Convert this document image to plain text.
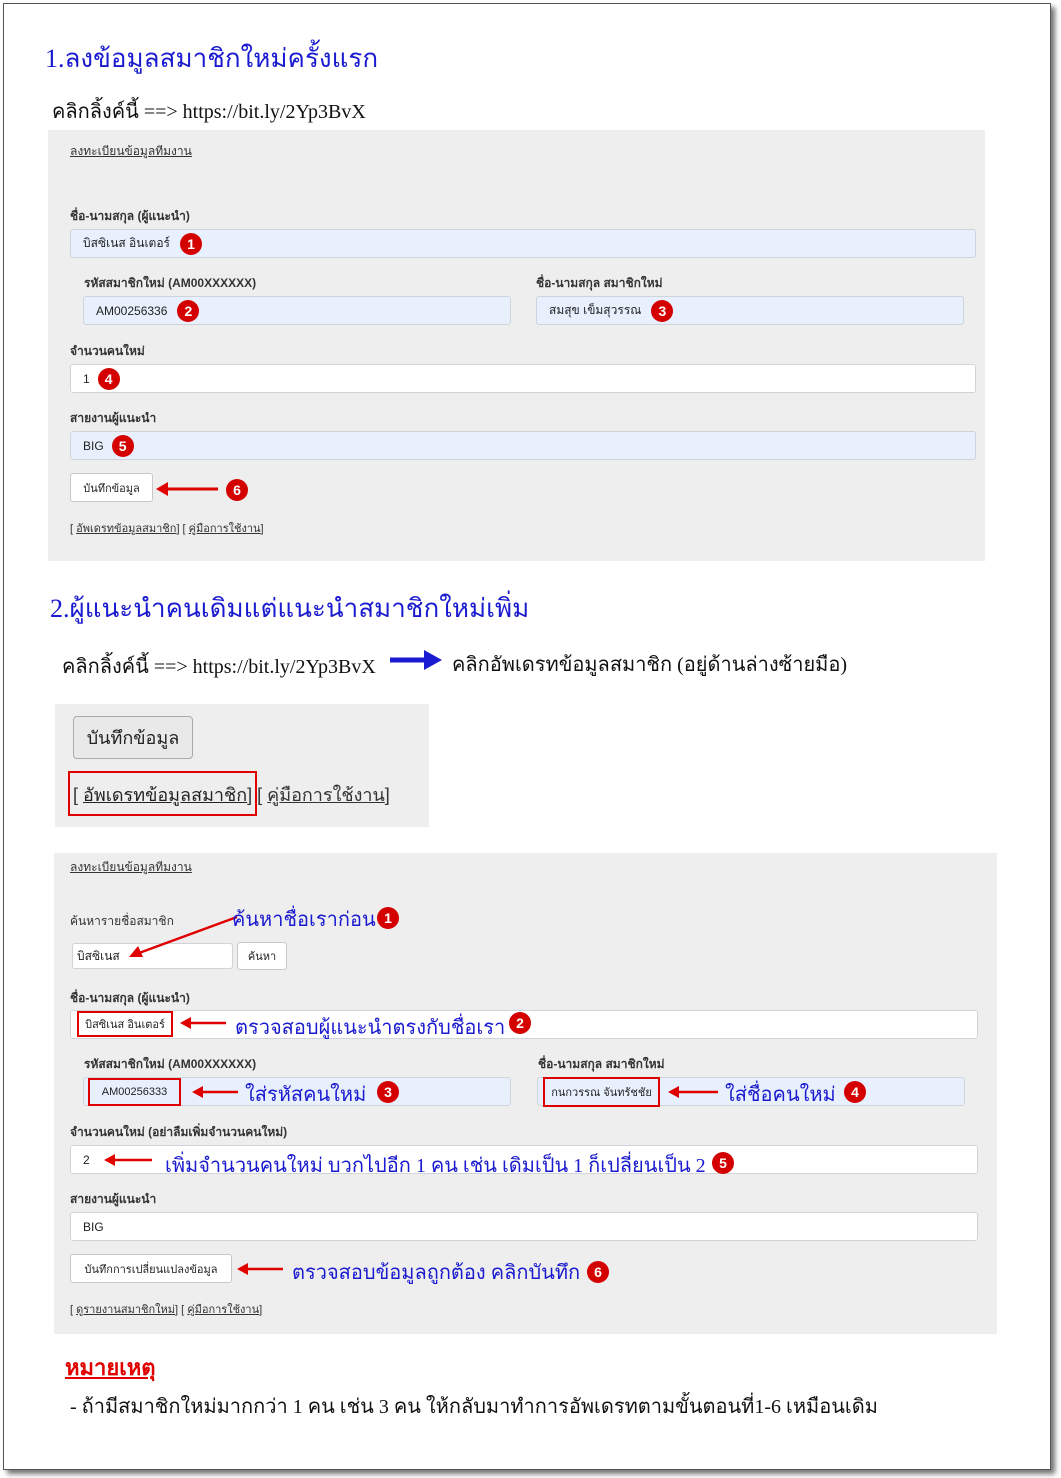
1.ลงข้อมูลสมาชิกใหม่ครั้งแรก
คลิกลิ้งค์นี้ ==> https://bit.ly/2Yp3BvX
ลงทะเบียนข้อมูลทีมงาน
ชื่อ-นามสกุล (ผู้แนะนำ)
บิสซิเนส อินเตอร์	1
รหัสสมาชิกใหม่ (AM00XXXXXX)
AM00256336	2
ชื่อ-นามสกุล สมาชิกใหม่
สมสุข เข็มสุวรรณ	3
จำนวนคนใหม่
1	4
สายงานผู้แนะนำ
BIG	5
บันทึกข้อมูล	6
[ อัพเดรทข้อมูลสมาชิก] [ คู่มือการใช้งาน]
2.ผู้แนะนำคนเดิมแต่แนะนำสมาชิกใหม่เพิ่ม
คลิกลิ้งค์นี้ ==> https://bit.ly/2Yp3BvX	คลิกอัพเดรทข้อมูลสมาชิก (อยู่ด้านล่างซ้ายมือ)
บันทึกข้อมูล
[ อัพเดรทข้อมูลสมาชิก] [ คู่มือการใช้งาน]
ลงทะเบียนข้อมูลทีมงาน
ค้นหารายชื่อสมาชิก
บิสซิเนส	ค้นหา
ค้นหาชื่อเราก่อน 1
ชื่อ-นามสกุล (ผู้แนะนำ)
บิสซิเนส อินเตอร์	ตรวจสอบผู้แนะนำตรงกับชื่อเรา 2
รหัสสมาชิกใหม่ (AM00XXXXXX)
AM00256333	ใส่รหัสคนใหม่	3
ชื่อ-นามสกุล สมาชิกใหม่
กนกวรรณ จันทรัชชัย	ใส่ชื่อคนใหม่	4
จำนวนคนใหม่ (อย่าลืมเพิ่มจำนวนคนใหม่)
2	เพิ่มจำนวนคนใหม่ บวกไปอีก 1 คน เช่น เดิมเป็น 1 ก็เปลี่ยนเป็น 2 5
สายงานผู้แนะนำ
BIG
บันทึกการเปลี่ยนแปลงข้อมูล	ตรวจสอบข้อมูลถูกต้อง คลิกบันทึก 6
[ ดูรายงานสมาชิกใหม่] [ คู่มือการใช้งาน]
หมายเหตุ
- ถ้ามีสมาชิกใหม่มากกว่า 1 คน เช่น 3 คน ให้กลับมาทำการอัพเดรทตามขั้นตอนที่1-6 เหมือนเดิม
